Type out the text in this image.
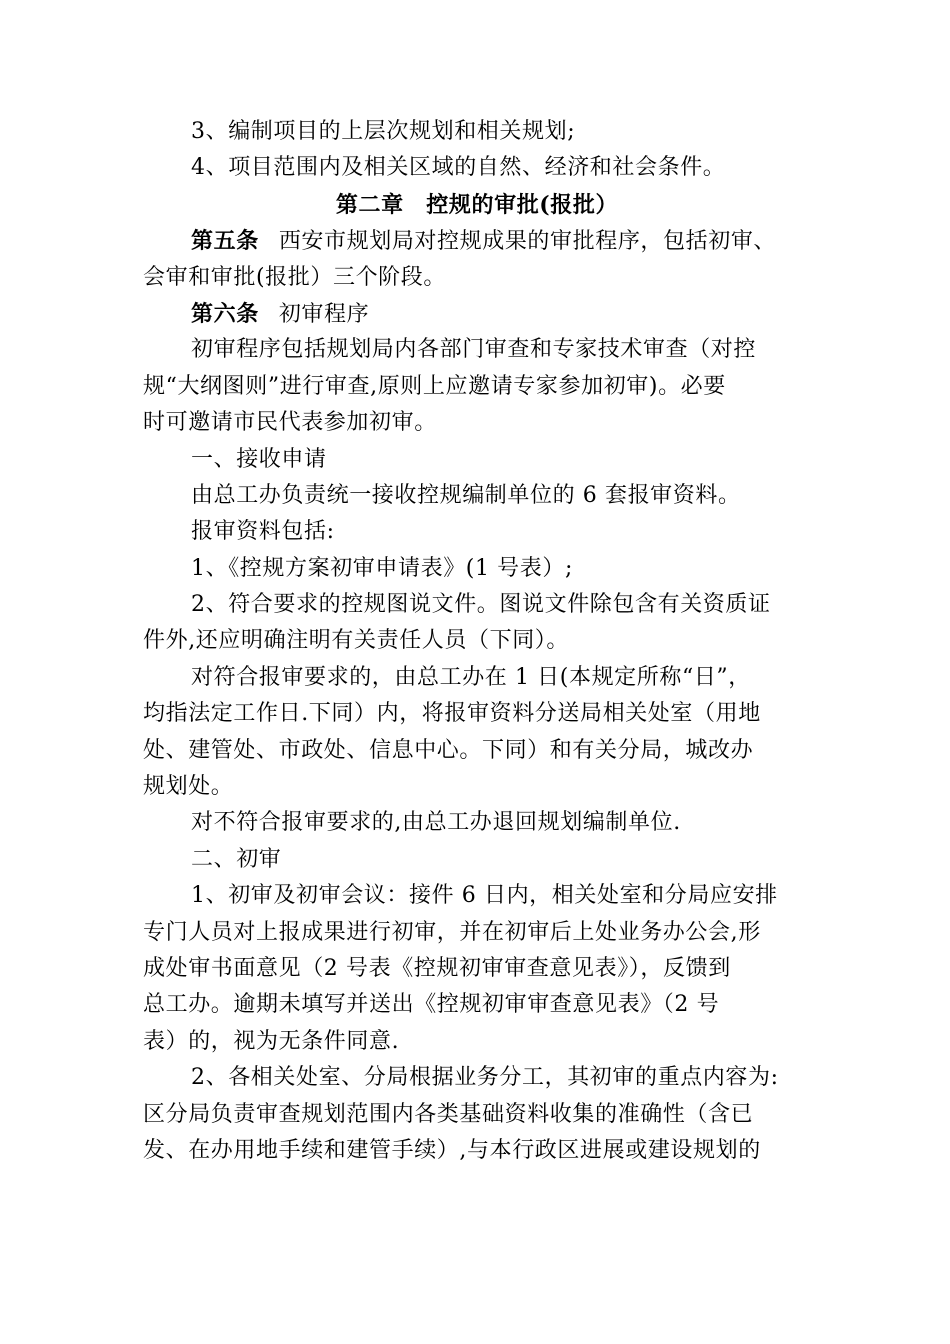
3、编制项目的上层次规划和相关规划;
4、项目范围内及相关区域的自然、经济和社会条件。
第二章　控规的审批(报批）
第五条 西安市规划局对控规成果的审批程序，包括初审、
会审和审批(报批）三个阶段。
第六条 初审程序
初审程序包括规划局内各部门审查和专家技术审查（对控
规“大纲图则”进行审查,原则上应邀请专家参加初审)。必要
时可邀请市民代表参加初审。
一、接收申请
由总工办负责统一接收控规编制单位的 6 套报审资料。
报审资料包括:
1、《控规方案初审申请表》(1 号表）;
2、符合要求的控规图说文件。图说文件除包含有关资质证
件外,还应明确注明有关责任人员（下同）。
对符合报审要求的，由总工办在 1 日(本规定所称“日”，
均指法定工作日.下同）内，将报审资料分送局相关处室（用地
处、建管处、市政处、信息中心。下同）和有关分局，城改办
规划处。
对不符合报审要求的,由总工办退回规划编制单位.
二、初审
1、初审及初审会议：接件 6 日内，相关处室和分局应安排
专门人员对上报成果进行初审，并在初审后上处业务办公会,形
成处审书面意见（2 号表《控规初审审查意见表》），反馈到
总工办。逾期未填写并送出《控规初审审查意见表》（2 号
表）的，视为无条件同意.
2、各相关处室、分局根据业务分工，其初审的重点内容为:
区分局负责审查规划范围内各类基础资料收集的准确性（含已
发、在办用地手续和建管手续）,与本行政区进展或建设规划的
